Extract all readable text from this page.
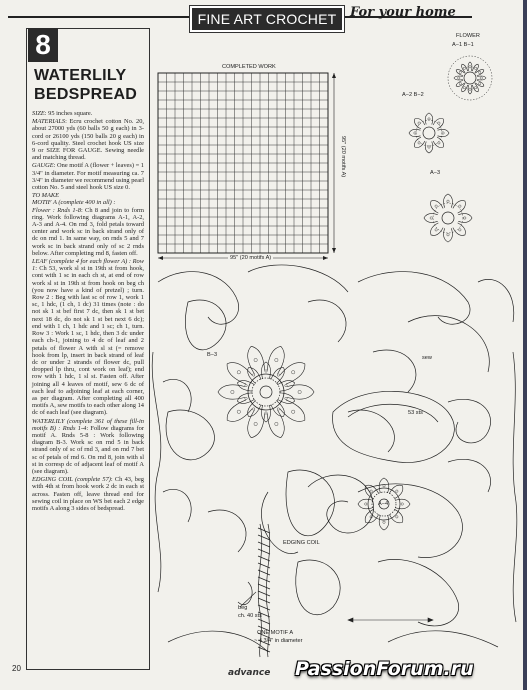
FINE ART CROCHET	For your home
8
WATERLILY BEDSPREAD

SIZE: 95 inches square.

MATERIALS: Ecru crochet cotton No. 20, about 27000 yds (60 balls 50 g each) in 3-cord or 26100 yds (150 balls 20 g each) in 6-cord quality. Steel crochet hook US size 9 or SIZE FOR GAUGE. Sewing needle and matching thread.

GAUGE: One motif A (flower + leaves) = 1 3/4" in diameter. For motif measuring ca. 7 3/4" in diameter we recommend using pearl cotton No. 5 and steel hook US size 0.

TO MAKE
MOTIF A (complete 400 in all) :
Flower : Rnds 1-8: Ch 8 and join to form ring. Work following diagrams A-1, A-2, A-3 and A-4. On rnd 3, fold petals toward center and work sc in back strand only of dc on rnd 1. In same way, on rnds 5 and 7 work sc in back strand only of sc 2 rnds below. After completing rnd 8, fasten off.

LEAF (complete 4 for each flower A) : Row 1: Ch 53, work sl st in 19th st from hook, cont with 1 sc in each ch st, at end of row work sl st in 19th st from hook on beg ch (you now have a kind of pretzel) ; turn. Row 2 : Beg with last sc of row 1, work 1 sc, 1 hdc, (1 ch, 1 dc) 31 times (note : do not sk 1 st bef first 7 dc, then sk 1 st bet next 18 dc, do not sk 1 st bet next 6 dc); end with 1 ch, 1 hdc and 1 sc; ch 1, turn. Row 3 : Work 1 sc, 1 hdc, then 3 dc under each ch-1, joining to 4 dc of leaf and 2 petals of flower A with sl st (= remove hook from lp, insert in back strand of leaf dc or under 2 strands of flower dc, pull dropped lp thru, cont work on leaf); end row with 1 hdc, 1 sl st. Fasten off. After joining all 4 leaves of motif, sew 6 dc of each leaf to adjoining leaf at each corner, as per diagram. After completing all 400 motifs A, sew motifs to each other along 14 dc of each leaf (see diagram).

WATERLILY (complete 361 of these fill-in motifs B) : Rnds 1-4: Follow diagrams for motif A. Rnds 5-8 : Work following diagram B-3. Work sc on rnd 5 in back strand only of sc of rnd 3, and on rnd 7 bet sc of petals of rnd 6. On rnd 8, join with sl st in corresp dc of adjacent leaf of motif A (see diagram).

EDGING COIL (complete 57): Ch 43, beg with 4th st from hook work 2 dc in each st across. Fasten off, leave thread end for sewing coil in place on WS bet each 2 edge motifs A along 3 sides of bedspread.

COMPLETED WORK
95" (20 motifs A)
95" (20 motifs A)
FLOWER
A−1 B−1
A−2 B−2
A−3
B−3	sew
53 sts
A−4
EDGING COIL
beg
ch. 40 sts
ONE MOTIF A
~ 4 3/4" in diameter
20	advance PassionForum.ru
